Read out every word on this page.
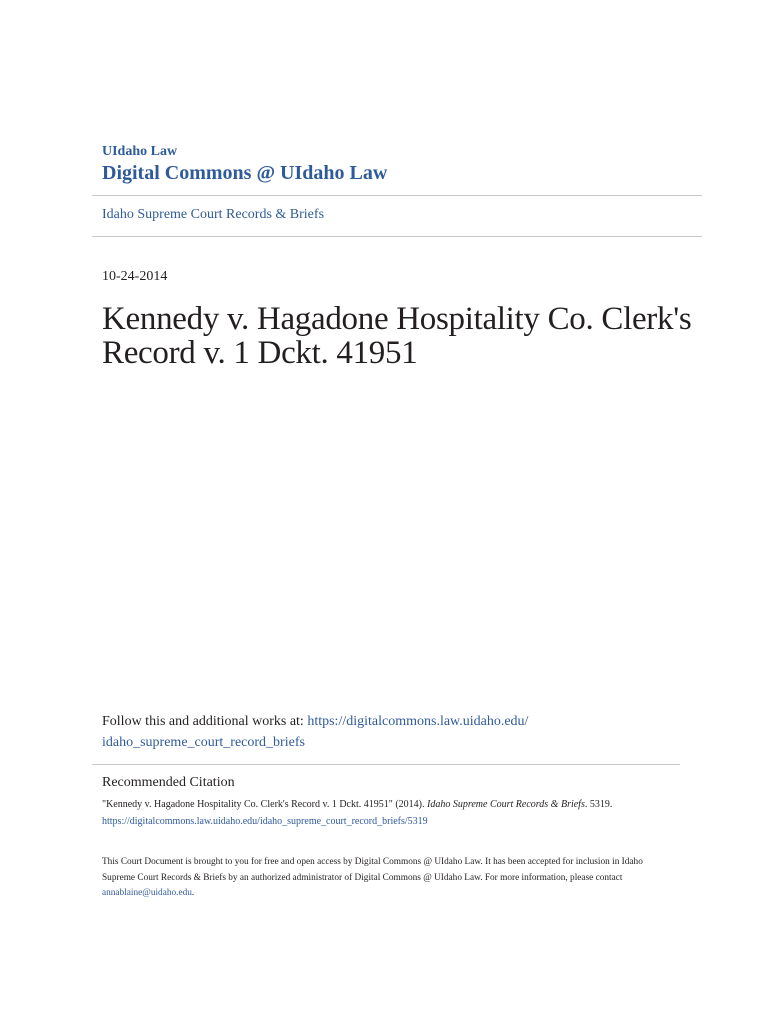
UIdaho Law
Digital Commons @ UIdaho Law
Idaho Supreme Court Records & Briefs
10-24-2014
Kennedy v. Hagadone Hospitality Co. Clerk's Record v. 1 Dckt. 41951
Follow this and additional works at: https://digitalcommons.law.uidaho.edu/
idaho_supreme_court_record_briefs
Recommended Citation
"Kennedy v. Hagadone Hospitality Co. Clerk's Record v. 1 Dckt. 41951" (2014). Idaho Supreme Court Records & Briefs. 5319.
https://digitalcommons.law.uidaho.edu/idaho_supreme_court_record_briefs/5319
This Court Document is brought to you for free and open access by Digital Commons @ UIdaho Law. It has been accepted for inclusion in Idaho Supreme Court Records & Briefs by an authorized administrator of Digital Commons @ UIdaho Law. For more information, please contact annablaine@uidaho.edu.
